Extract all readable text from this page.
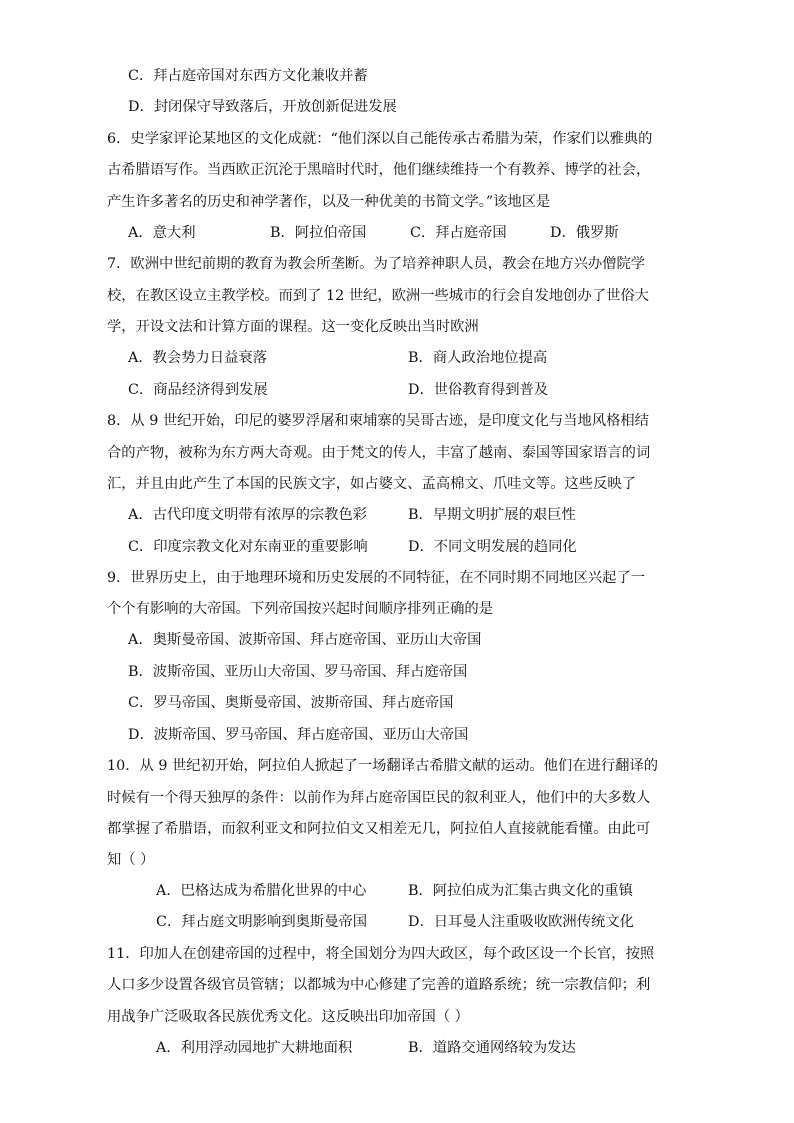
C．拜占庭帝国对东西方文化兼收并蓄
D．封闭保守导致落后，开放创新促进发展
6．史学家评论某地区的文化成就：“他们深以自己能传承古希腊为荣，作家们以雅典的
古希腊语写作。当西欧正沉沦于黑暗时代时，他们继续维持一个有教养、博学的社会，
产生许多著名的历史和神学著作，以及一种优美的书简文学。”该地区是
A．意大利	B．阿拉伯帝国	C．拜占庭帝国	D．俄罗斯
7．欧洲中世纪前期的教育为教会所垄断。为了培养神职人员，教会在地方兴办僧院学
校，在教区设立主教学校。而到了 12 世纪，欧洲一些城市的行会自发地创办了世俗大
学，开设文法和计算方面的课程。这一变化反映出当时欧洲
A．教会势力日益衰落	B．商人政治地位提高
C．商品经济得到发展	D．世俗教育得到普及
8．从 9 世纪开始，印尼的婆罗浮屠和柬埔寨的吴哥古迹，是印度文化与当地风格相结
合的产物，被称为东方两大奇观。由于梵文的传人，丰富了越南、泰国等国家语言的词
汇，并且由此产生了本国的民族文字，如占婆文、孟高棉文、爪哇文等。这些反映了
A．古代印度文明带有浓厚的宗教色彩	B．早期文明扩展的艰巨性
C．印度宗教文化对东南亚的重要影响	D．不同文明发展的趋同化
9．世界历史上，由于地理环境和历史发展的不同特征，在不同时期不同地区兴起了一
个个有影响的大帝国。下列帝国按兴起时间顺序排列正确的是
A．奥斯曼帝国、波斯帝国、拜占庭帝国、亚历山大帝国
B．波斯帝国、亚历山大帝国、罗马帝国、拜占庭帝国
C．罗马帝国、奥斯曼帝国、波斯帝国、拜占庭帝国
D．波斯帝国、罗马帝国、拜占庭帝国、亚历山大帝国
10．从 9 世纪初开始，阿拉伯人掀起了一场翻译古希腊文献的运动。他们在进行翻译的
时候有一个得天独厚的条件：以前作为拜占庭帝国臣民的叙利亚人，他们中的大多数人
都掌握了希腊语，而叙利亚文和阿拉伯文又相差无几，阿拉伯人直接就能看懂。由此可
知（ ）
A．巴格达成为希腊化世界的中心	B．阿拉伯成为汇集古典文化的重镇
C．拜占庭文明影响到奥斯曼帝国	D．日耳曼人注重吸收欧洲传统文化
11．印加人在创建帝国的过程中，将全国划分为四大政区，每个政区设一个长官，按照
人口多少设置各级官员管辖；以都城为中心修建了完善的道路系统；统一宗教信仰；利
用战争广泛吸取各民族优秀文化。这反映出印加帝国（ ）
A．利用浮动园地扩大耕地面积	B．道路交通网络较为发达
